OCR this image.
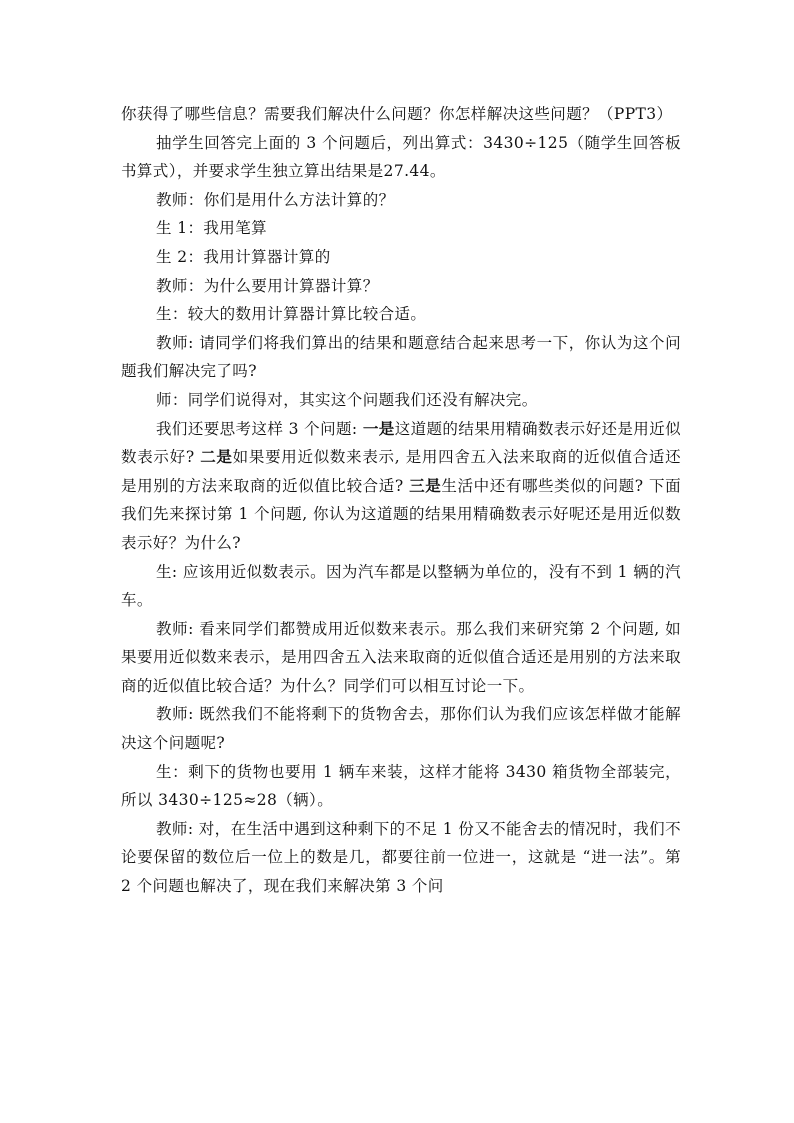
你获得了哪些信息？需要我们解决什么问题？你怎样解决这些问题？（PPT3）

抽学生回答完上面的 3 个问题后，列出算式：3430÷125（随学生回答板书算式），并要求学生独立算出结果是27.44。

教师：你们是用什么方法计算的？

生 1：我用笔算

生 2：我用计算器计算的

教师：为什么要用计算器计算？

生：较大的数用计算器计算比较合适。

教师: 请同学们将我们算出的结果和题意结合起来思考一下，你认为这个问题我们解决完了吗?

师：同学们说得对，其实这个问题我们还没有解决完。

我们还要思考这样 3 个问题: 一是这道题的结果用精确数表示好还是用近似数表示好? 二是如果要用近似数来表示, 是用四舍五入法来取商的近似值合适还是用别的方法来取商的近似值比较合适? 三是生活中还有哪些类似的问题? 下面我们先来探讨第 1 个问题, 你认为这道题的结果用精确数表示好呢还是用近似数表示好？为什么?

生: 应该用近似数表示。因为汽车都是以整辆为单位的，没有不到 1 辆的汽车。

教师: 看来同学们都赞成用近似数来表示。那么我们来研究第 2 个问题, 如果要用近似数来表示，是用四舍五入法来取商的近似值合适还是用别的方法来取商的近似值比较合适？为什么？同学们可以相互讨论一下。

教师: 既然我们不能将剩下的货物舍去，那你们认为我们应该怎样做才能解决这个问题呢?

生：剩下的货物也要用 1 辆车来装，这样才能将 3430 箱货物全部装完，所以 3430÷125≈28（辆）。

教师: 对，在生活中遇到这种剩下的不足 1 份又不能舍去的情况时，我们不论要保留的数位后一位上的数是几，都要往前一位进一，这就是 “进一法”。第 2 个问题也解决了，现在我们来解决第 3 个问
